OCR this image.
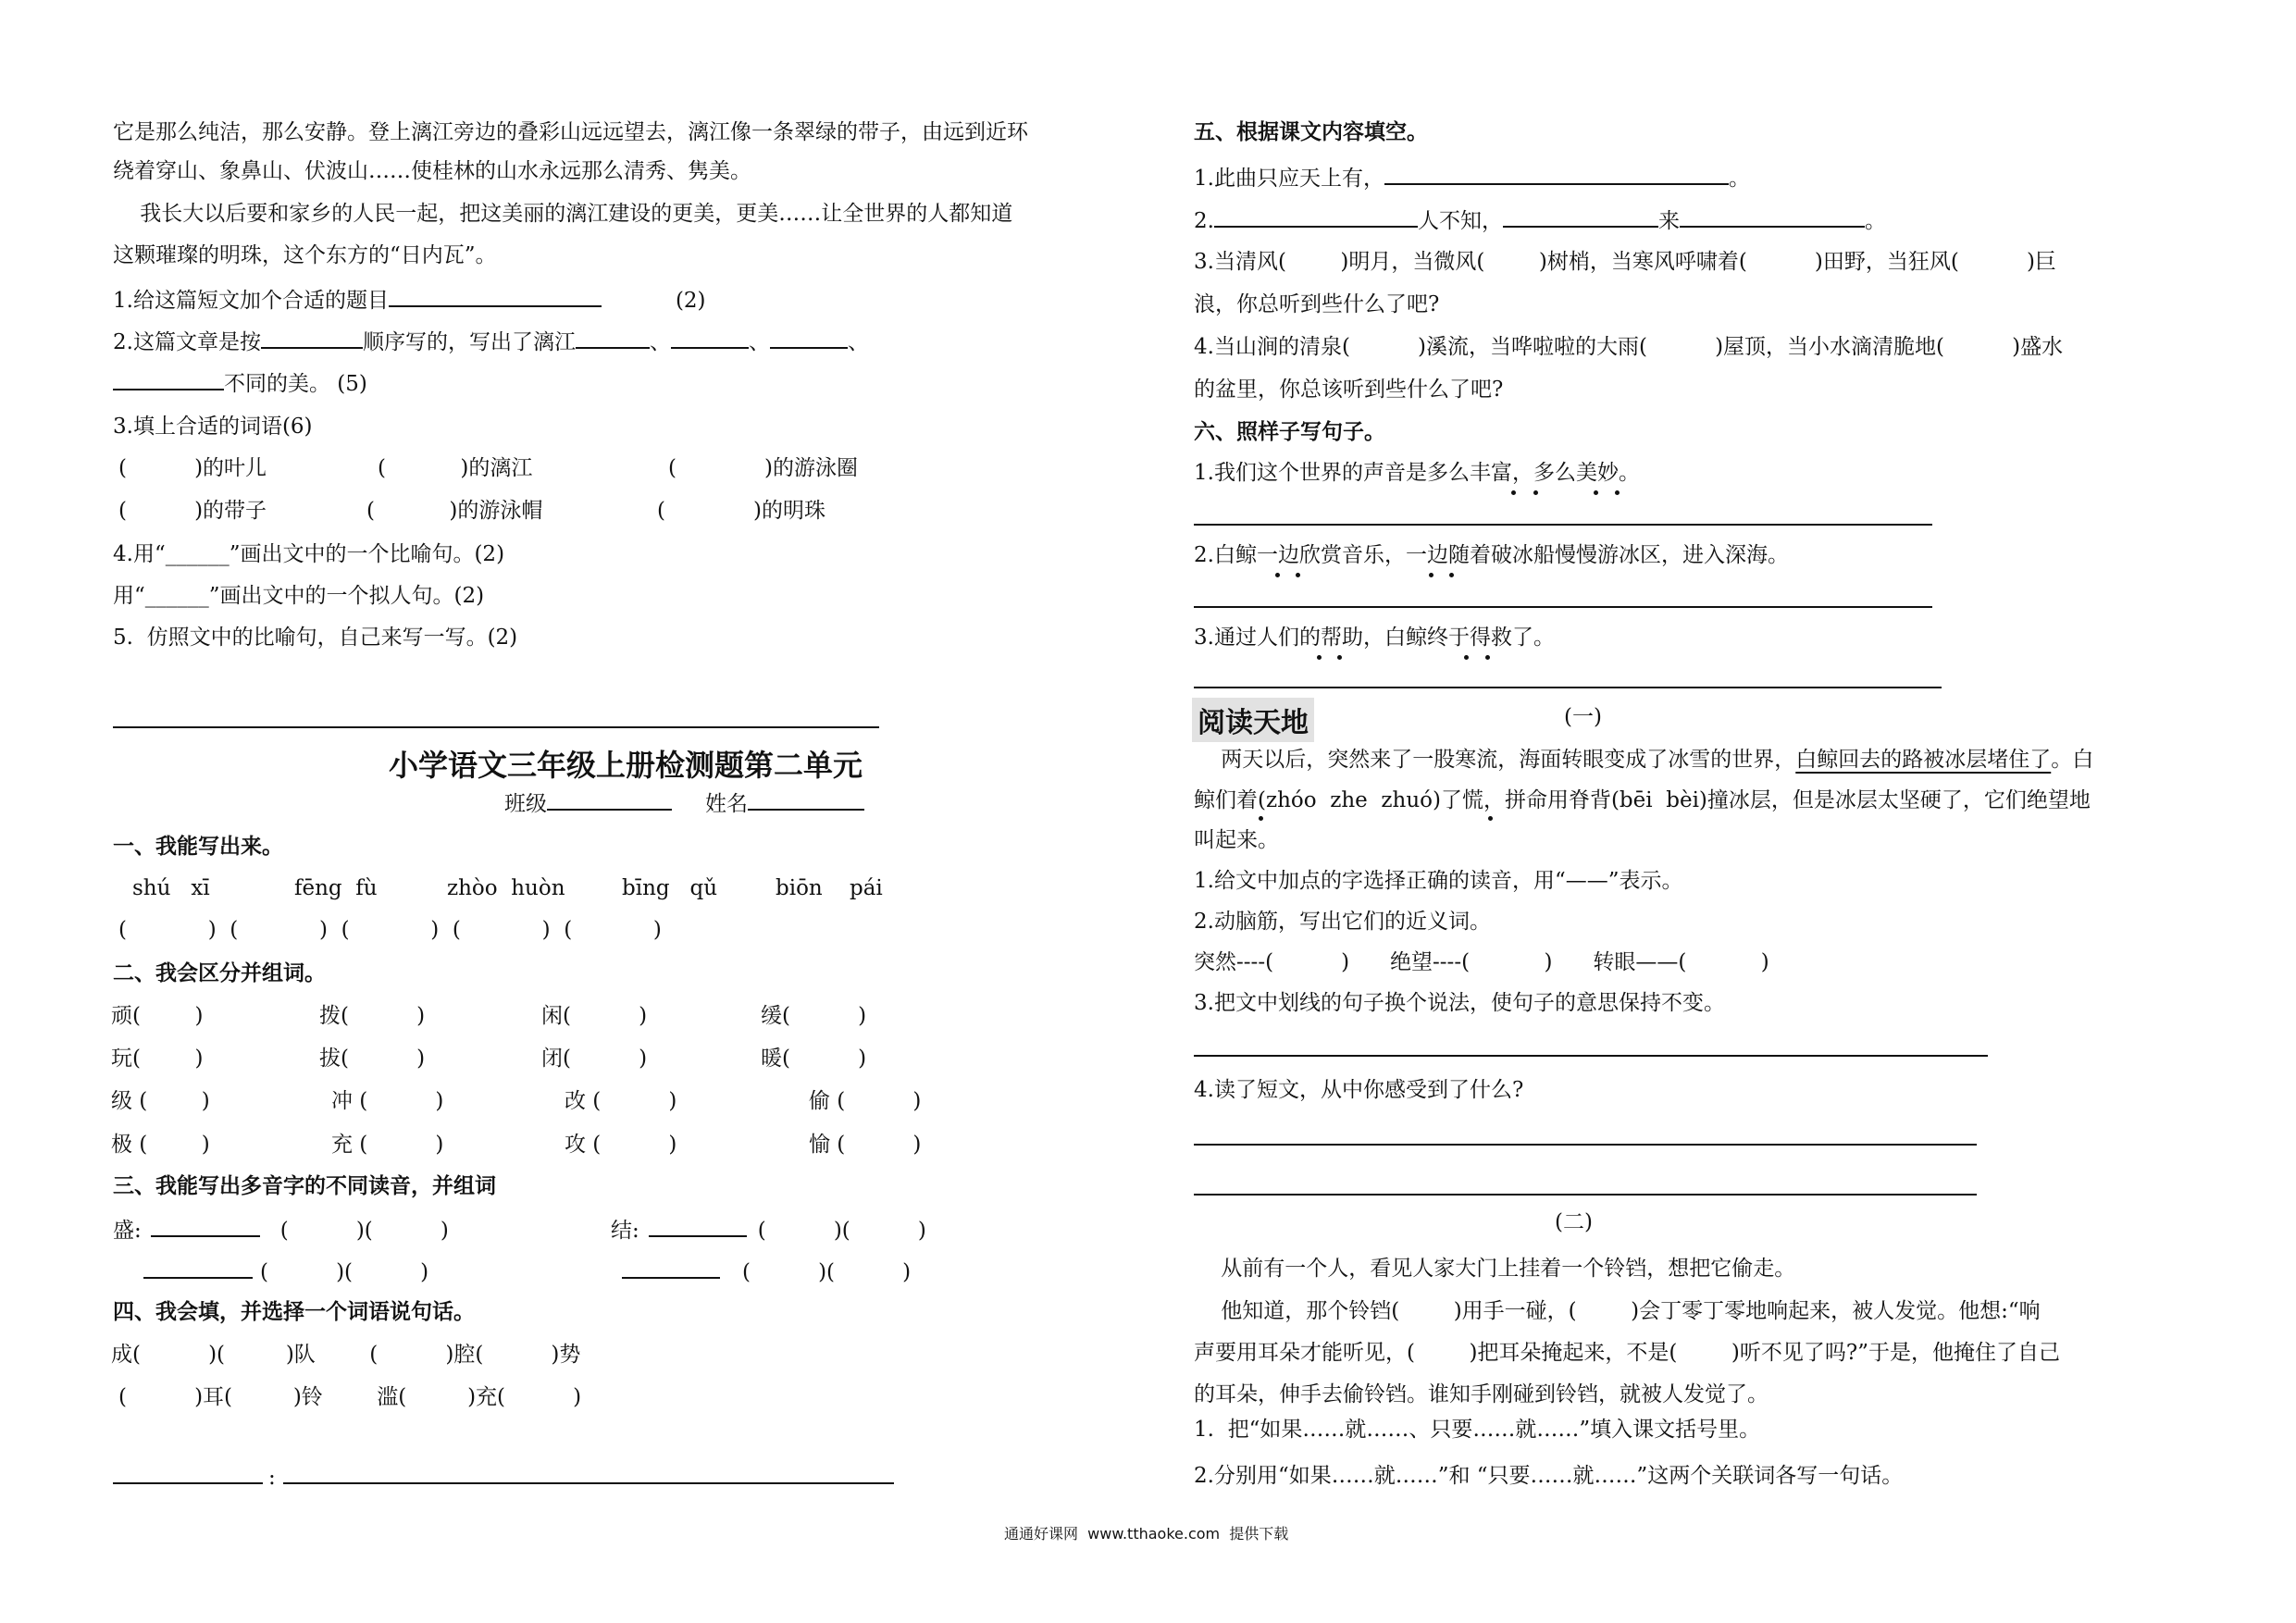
它是那么纯洁，那么安静。登上漓江旁边的叠彩山远远望去，漓江像一条翠绿的带子，由远到近环
绕着穿山、象鼻山、伏波山……使桂林的山水永远那么清秀、隽美。
我长大以后要和家乡的人民一起，把这美丽的漓江建设的更美，更美……让全世界的人都知道
这颗璀璨的明珠，这个东方的“日内瓦”。
1.给这篇短文加个合适的题目	(2)
2.这篇文章是按	顺序写的，写出了漓江	、	、	、
不同的美。 (5)
3.填上合适的词语(6)
(          )的叶儿	(           )的漓江	(             )的游泳圈
(          )的带子	(           )的游泳帽	(             )的明珠
4.用“______”画出文中的一个比喻句。(2)
用“______”画出文中的一个拟人句。(2)
5.  仿照文中的比喻句，自己来写一写。(2)
小学语文三年级上册检测题第二单元
班级	姓名
一、我能写出来。
shú   xī	fēng  fù	zhòo  huòn	bīng   qǔ	biōn    pái
(            )  (            )  (            )  (            )  (            )
二、我会区分并组词。
顽(        )	拨(          )	闲(          )	缓(          )
玩(        )	拔(          )	闭(          )	暖(          )
级 (        )	冲 (          )	改 (          )	偷 (          )
极 (        )	充 (          )	攻 (          )	愉 (          )
三、我能写出多音字的不同读音，并组词
盛:	(          )(          )	结:	(          )(          )
(          )(          )	(          )(          )
四、我会填，并选择一个词语说句话。
成(          )(         )队        (          )腔(          )势
(          )耳(         )铃        滥(         )充(          )
:
五、根据课文内容填空。
1.此曲只应天上有，	。
2.	人不知，	来	。
3.当清风(        )明月，当微风(        )树梢，当寒风呼啸着(          )田野，当狂风(          )巨
浪，你总听到些什么了吧?
4.当山涧的清泉(          )溪流，当哗啦啦的大雨(          )屋顶，当小水滴清脆地(          )盛水
的盆里，你总该听到些什么了吧?
六、照样子写句子。
1.我们这个世界的声音是多么丰富，多么美妙。
2.白鲸一边欣赏音乐，一边随着破冰船慢慢游冰区，进入深海。
3.通过人们的帮助，白鲸终于得救了。
阅读天地	(一)
两天以后，突然来了一股寒流，海面转眼变成了冰雪的世界，白鲸回去的路被冰层堵住了。白
鲸们着(zhóo  zhe  zhuó)了慌，拼命用脊背(bēi  bèi)撞冰层，但是冰层太坚硬了，它们绝望地
叫起来。
1.给文中加点的字选择正确的读音，用“——”表示。
2.动脑筋，写出它们的近义词。
突然----(          )      绝望----(           )      转眼——(           )
3.把文中划线的句子换个说法，使句子的意思保持不变。
4.读了短文，从中你感受到了什么?
(二)
从前有一个人，看见人家大门上挂着一个铃铛，想把它偷走。
他知道，那个铃铛(        )用手一碰，(        )会丁零丁零地响起来，被人发觉。他想:“响
声要用耳朵才能听见，(        )把耳朵掩起来，不是(        )听不见了吗?”于是，他掩住了自己
的耳朵，伸手去偷铃铛。谁知手刚碰到铃铛，就被人发觉了。
1.  把“如果……就……、只要……就……”填入课文括号里。
2.分别用“如果……就……”和 “只要……就……”这两个关联词各写一句话。
通通好课网  www.tthaoke.com  提供下载
